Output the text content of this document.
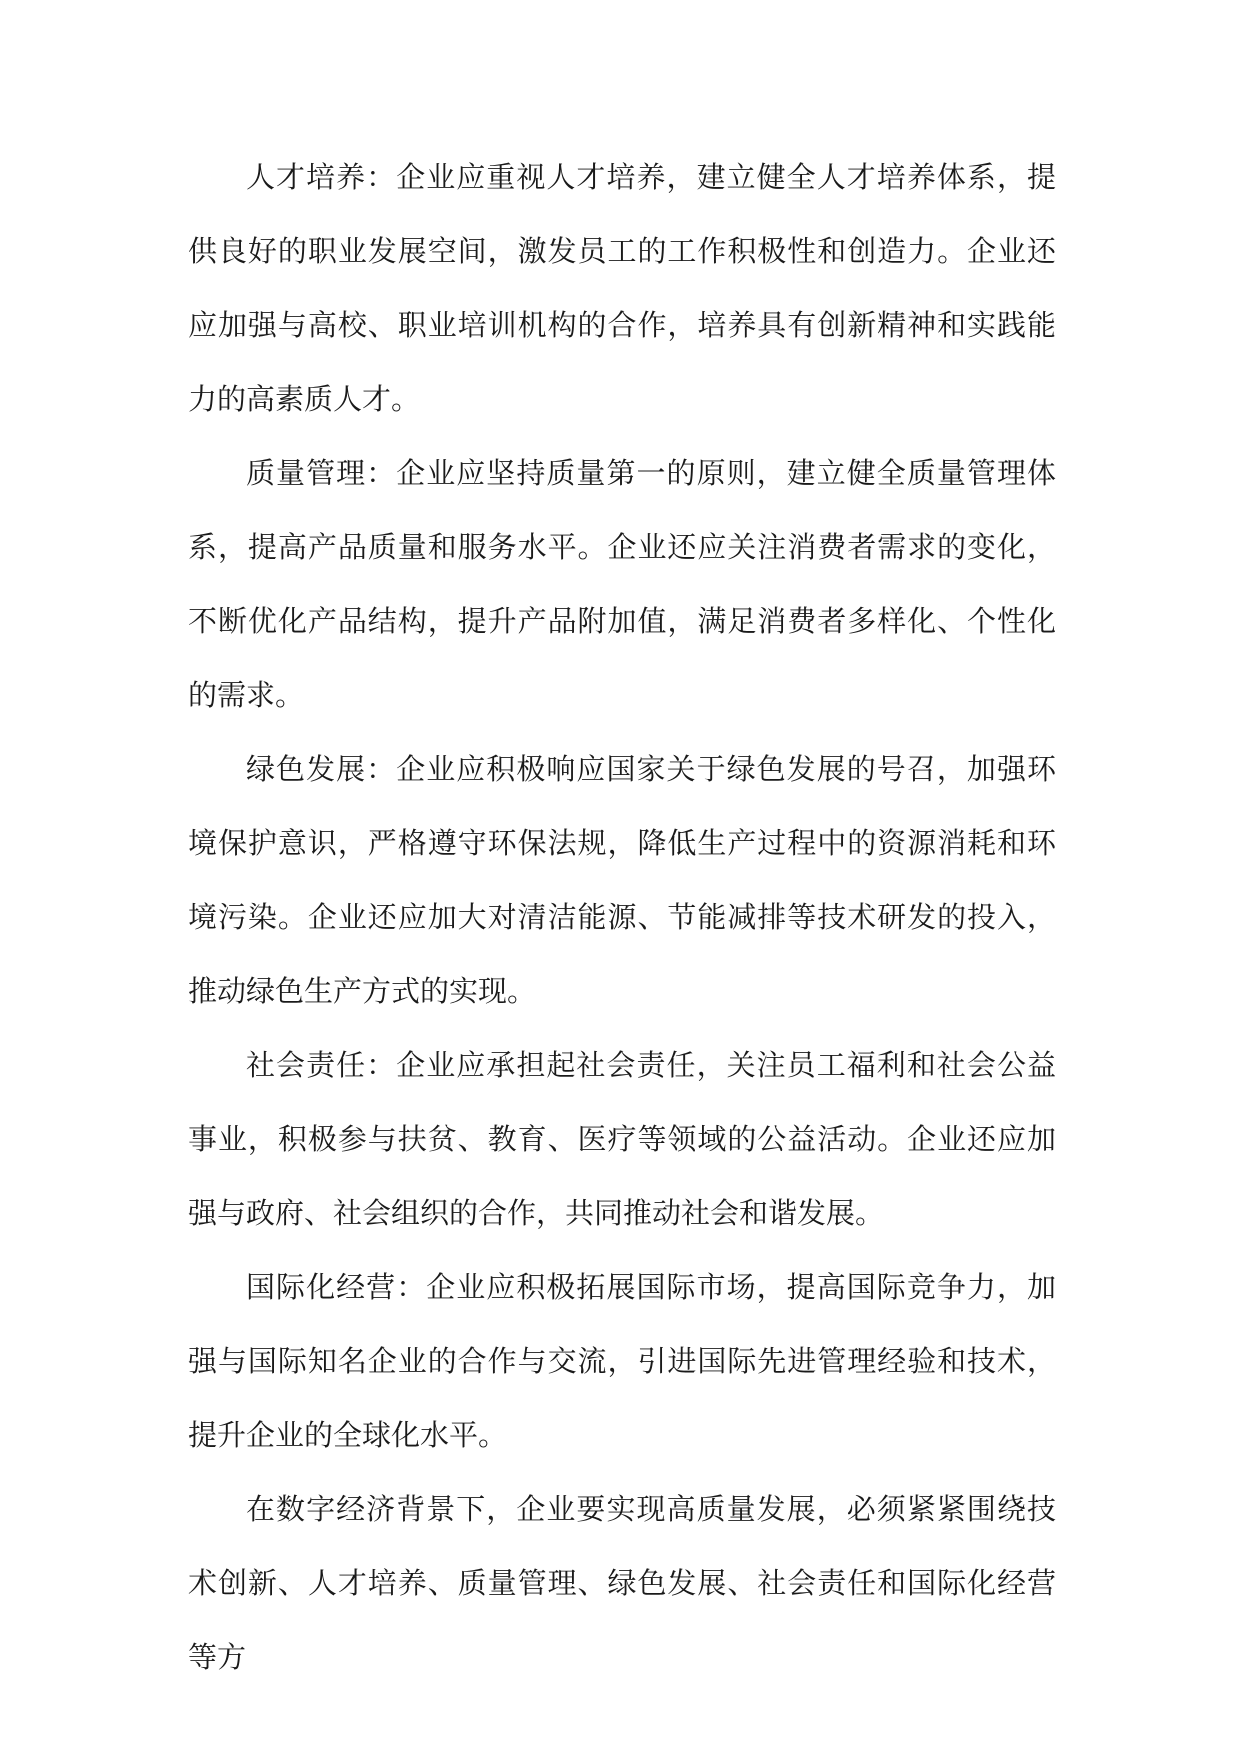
人才培养：企业应重视人才培养，建立健全人才培养体系，提供良好的职业发展空间，激发员工的工作积极性和创造力。企业还应加强与高校、职业培训机构的合作，培养具有创新精神和实践能力的高素质人才。

质量管理：企业应坚持质量第一的原则，建立健全质量管理体系，提高产品质量和服务水平。企业还应关注消费者需求的变化，不断优化产品结构，提升产品附加值，满足消费者多样化、个性化的需求。

绿色发展：企业应积极响应国家关于绿色发展的号召，加强环境保护意识，严格遵守环保法规，降低生产过程中的资源消耗和环境污染。企业还应加大对清洁能源、节能减排等技术研发的投入，推动绿色生产方式的实现。

社会责任：企业应承担起社会责任，关注员工福利和社会公益事业，积极参与扶贫、教育、医疗等领域的公益活动。企业还应加强与政府、社会组织的合作，共同推动社会和谐发展。

国际化经营：企业应积极拓展国际市场，提高国际竞争力，加强与国际知名企业的合作与交流，引进国际先进管理经验和技术，提升企业的全球化水平。

在数字经济背景下，企业要实现高质量发展，必须紧紧围绕技术创新、人才培养、质量管理、绿色发展、社会责任和国际化经营等方
